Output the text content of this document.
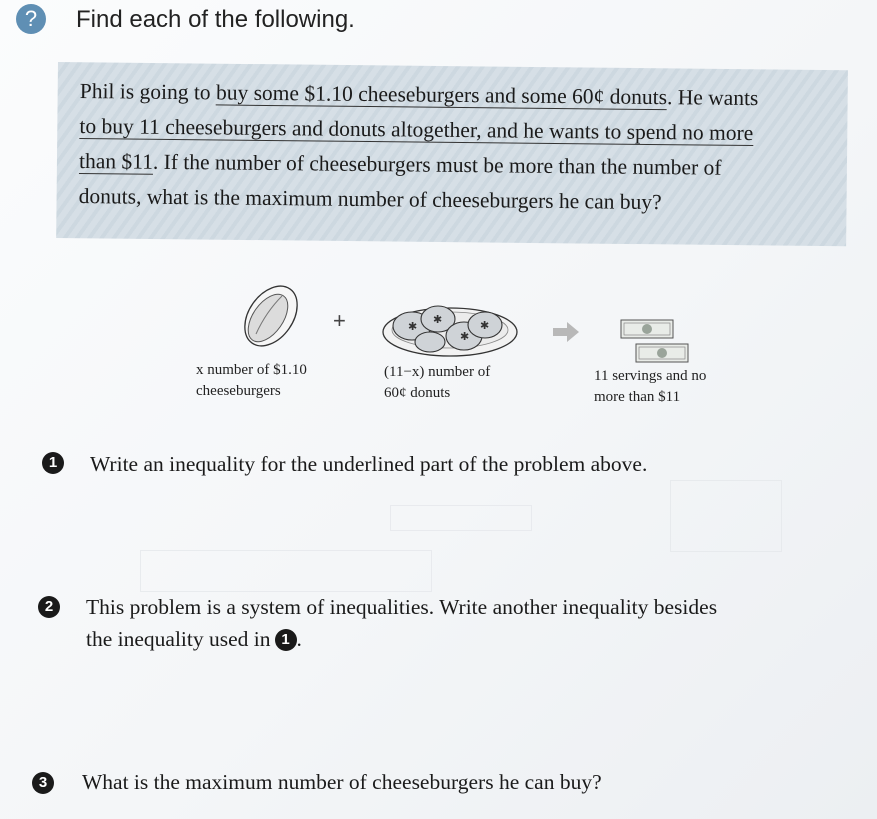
?	Find each of the following.
Phil is going to buy some $1.10 cheeseburgers and some 60¢ donuts. He wants
to buy 11 cheeseburgers and donuts altogether, and he wants to spend no more
than $11. If the number of cheeseburgers must be more than the number of
donuts, what is the maximum number of cheeseburgers he can buy?
+	✱
✱
✱
✱
x number of $1.10
cheeseburgers
(11−x) number of
60¢ donuts
11 servings and no
more than $11
1	Write an inequality for the underlined part of the problem above.
2	This problem is a system of inequalities. Write another inequality besides
the inequality used in 1 .
3	What is the maximum number of cheeseburgers he can buy?
